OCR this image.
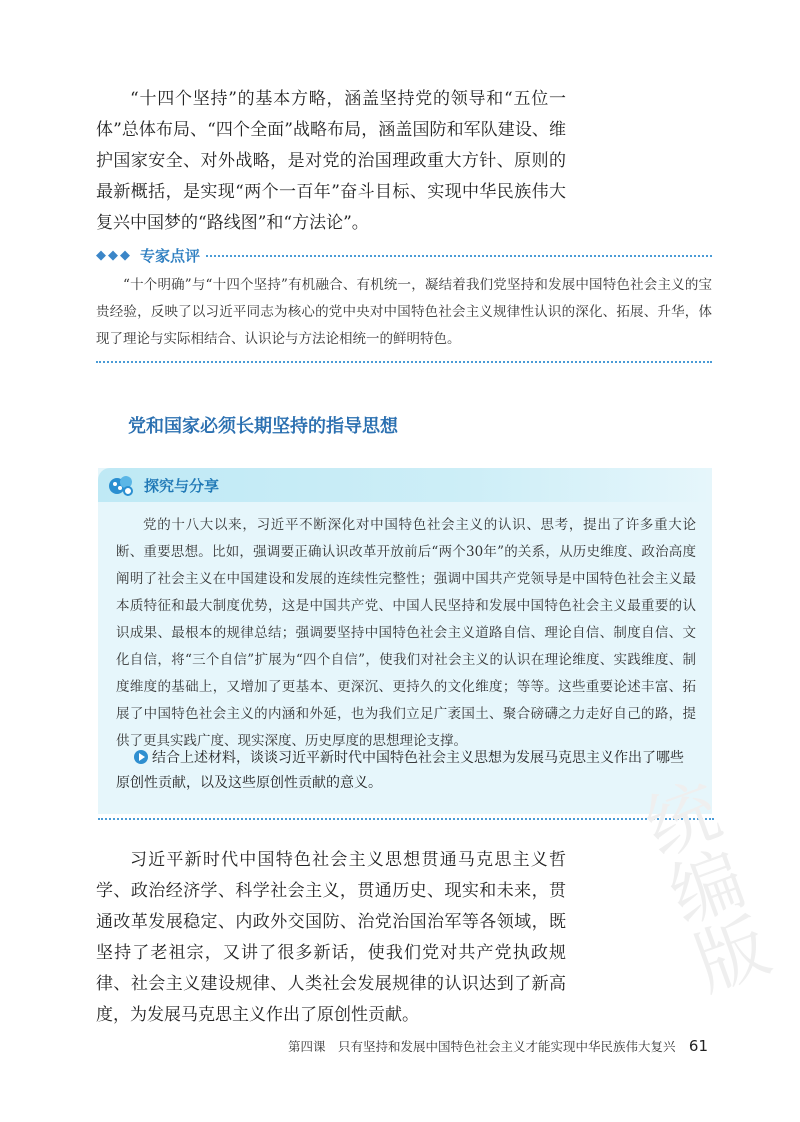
“十四个坚持”的基本方略，涵盖坚持党的领导和“五位一体”总体布局、“四个全面”战略布局，涵盖国防和军队建设、维护国家安全、对外战略，是对党的治国理政重大方针、原则的最新概括，是实现“两个一百年”奋斗目标、实现中华民族伟大复兴中国梦的“路线图”和“方法论”。

◆◆◆ 专家点评

“十个明确”与“十四个坚持”有机融合、有机统一，凝结着我们党坚持和发展中国特色社会主义的宝贵经验，反映了以习近平同志为核心的党中央对中国特色社会主义规律性认识的深化、拓展、升华，体现了理论与实际相结合、认识论与方法论相统一的鲜明特色。

党和国家必须长期坚持的指导思想
探究与分享

党的十八大以来，习近平不断深化对中国特色社会主义的认识、思考，提出了许多重大论断、重要思想。比如，强调要正确认识改革开放前后“两个30年”的关系，从历史维度、政治高度阐明了社会主义在中国建设和发展的连续性完整性；强调中国共产党领导是中国特色社会主义最本质特征和最大制度优势，这是中国共产党、中国人民坚持和发展中国特色社会主义最重要的认识成果、最根本的规律总结；强调要坚持中国特色社会主义道路自信、理论自信、制度自信、文化自信，将“三个自信”扩展为“四个自信”，使我们对社会主义的认识在理论维度、实践维度、制度维度的基础上，又增加了更基本、更深沉、更持久的文化维度；等等。这些重要论述丰富、拓展了中国特色社会主义的内涵和外延，也为我们立足广袤国土、聚合磅礴之力走好自己的路，提供了更具实践广度、现实深度、历史厚度的思想理论支撑。

结合上述材料，谈谈习近平新时代中国特色社会主义思想为发展马克思主义作出了哪些原创性贡献，以及这些原创性贡献的意义。	统编版

习近平新时代中国特色社会主义思想贯通马克思主义哲学、政治经济学、科学社会主义，贯通历史、现实和未来，贯通改革发展稳定、内政外交国防、治党治国治军等各领域，既坚持了老祖宗，又讲了很多新话，使我们党对共产党执政规律、社会主义建设规律、人类社会发展规律的认识达到了新高度，为发展马克思主义作出了原创性贡献。

第四课　只有坚持和发展中国特色社会主义才能实现中华民族伟大复兴 61
